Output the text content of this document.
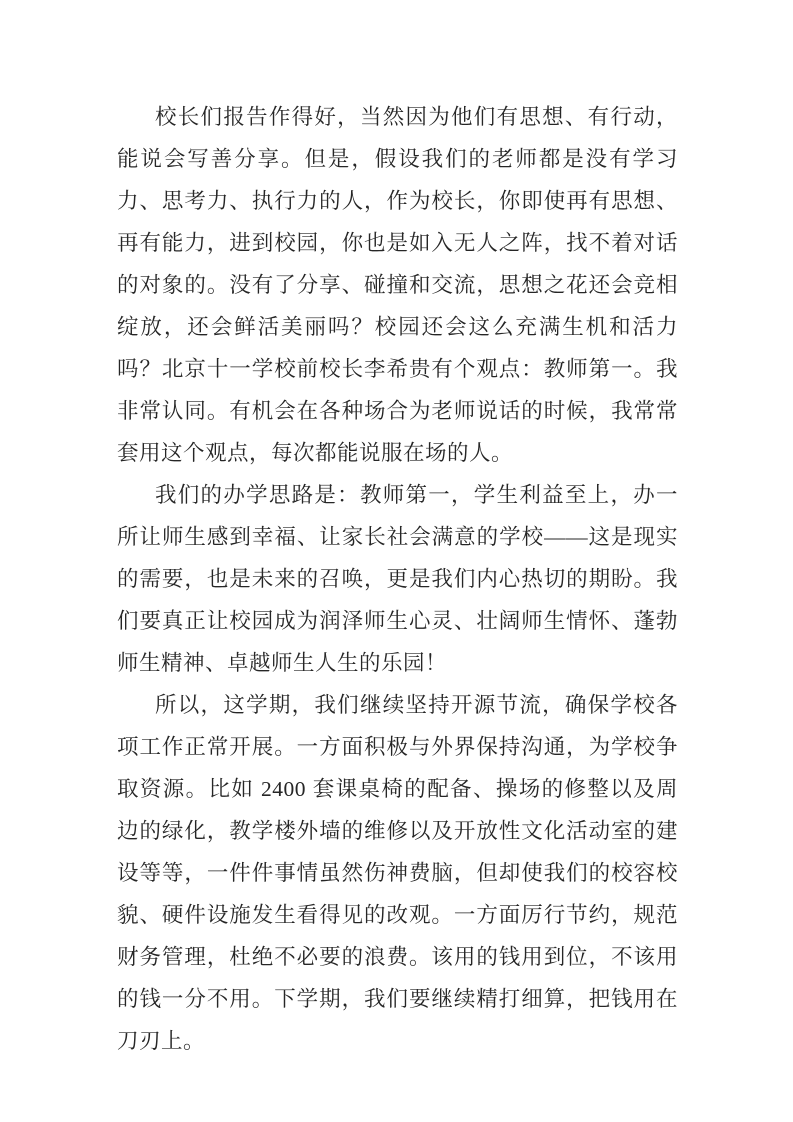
校长们报告作得好，当然因为他们有思想、有行动，能说会写善分享。但是，假设我们的老师都是没有学习力、思考力、执行力的人，作为校长，你即使再有思想、再有能力，进到校园，你也是如入无人之阵，找不着对话的对象的。没有了分享、碰撞和交流，思想之花还会竞相绽放，还会鲜活美丽吗？校园还会这么充满生机和活力吗？北京十一学校前校长李希贵有个观点：教师第一。我非常认同。有机会在各种场合为老师说话的时候，我常常套用这个观点，每次都能说服在场的人。

我们的办学思路是：教师第一，学生利益至上，办一所让师生感到幸福、让家长社会满意的学校——这是现实的需要，也是未来的召唤，更是我们内心热切的期盼。我们要真正让校园成为润泽师生心灵、壮阔师生情怀、蓬勃师生精神、卓越师生人生的乐园！

所以，这学期，我们继续坚持开源节流，确保学校各项工作正常开展。一方面积极与外界保持沟通，为学校争取资源。比如 2400 套课桌椅的配备、操场的修整以及周边的绿化，教学楼外墙的维修以及开放性文化活动室的建设等等，一件件事情虽然伤神费脑，但却使我们的校容校貌、硬件设施发生看得见的改观。一方面厉行节约，规范财务管理，杜绝不必要的浪费。该用的钱用到位，不该用的钱一分不用。下学期，我们要继续精打细算，把钱用在刀刃上。
